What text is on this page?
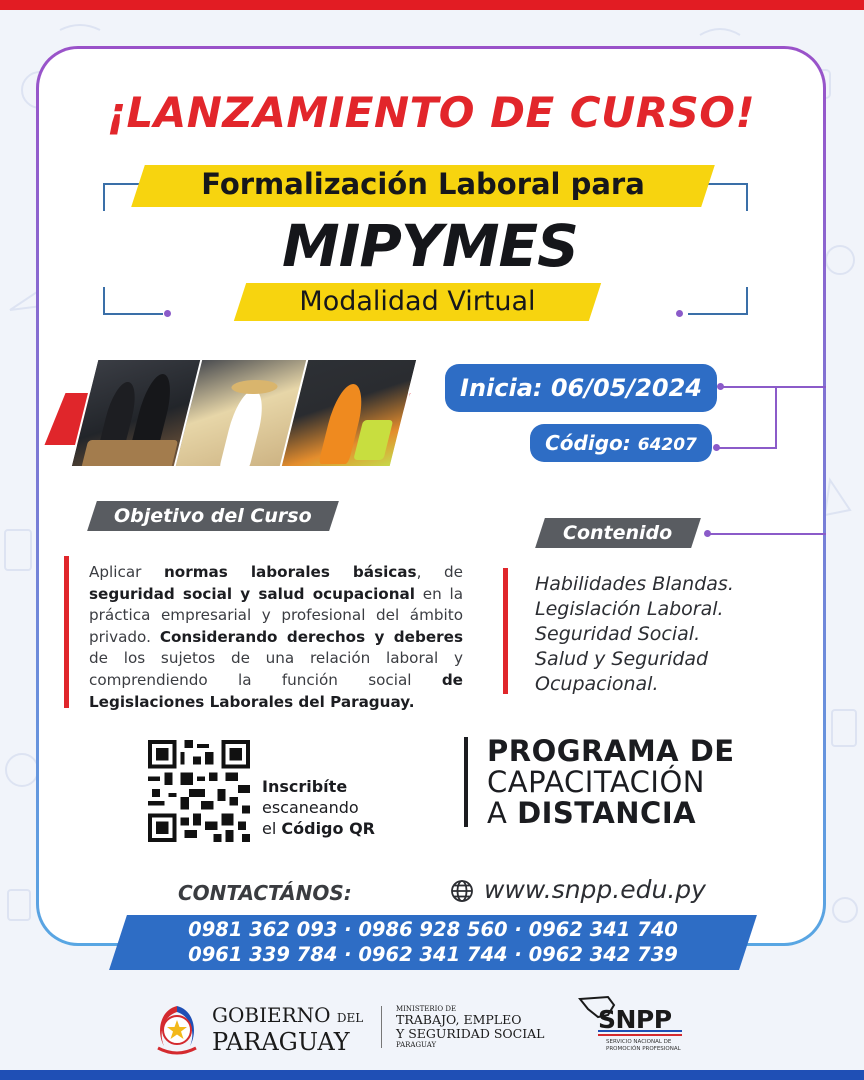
¡LANZAMIENTO DE CURSO!
Formalización Laboral para
MIPYMES
Modalidad Virtual
Inicia: 06/05/2024
Código: 64207
Objetivo del Curso
Contenido
Aplicar normas laborales básicas, de seguridad social y salud ocupacional en la práctica empresarial y profesional del ámbito privado. Considerando derechos y deberes de los sujetos de una relación laboral y comprendiendo la función social de Legislaciones Laborales del Paraguay.
Habilidades Blandas.
Legislación Laboral.
Seguridad Social.
Salud y Seguridad
Ocupacional.
Inscribíte
escaneando
el Código QR
PROGRAMA DE
CAPACITACIÓN
A DISTANCIA
CONTACTÁNOS:	www.snpp.edu.py
0981 362 093 · 0986 928 560 · 0962 341 740
0961 339 784 · 0962 341 744 · 0962 342 739
GOBIERNO DEL
PARAGUAY
MINISTERIO DE
TRABAJO, EMPLEO
Y SEGURIDAD SOCIAL
PARAGUAY
SNPP
SERVICIO NACIONAL DE
PROMOCIÓN PROFESIONAL
